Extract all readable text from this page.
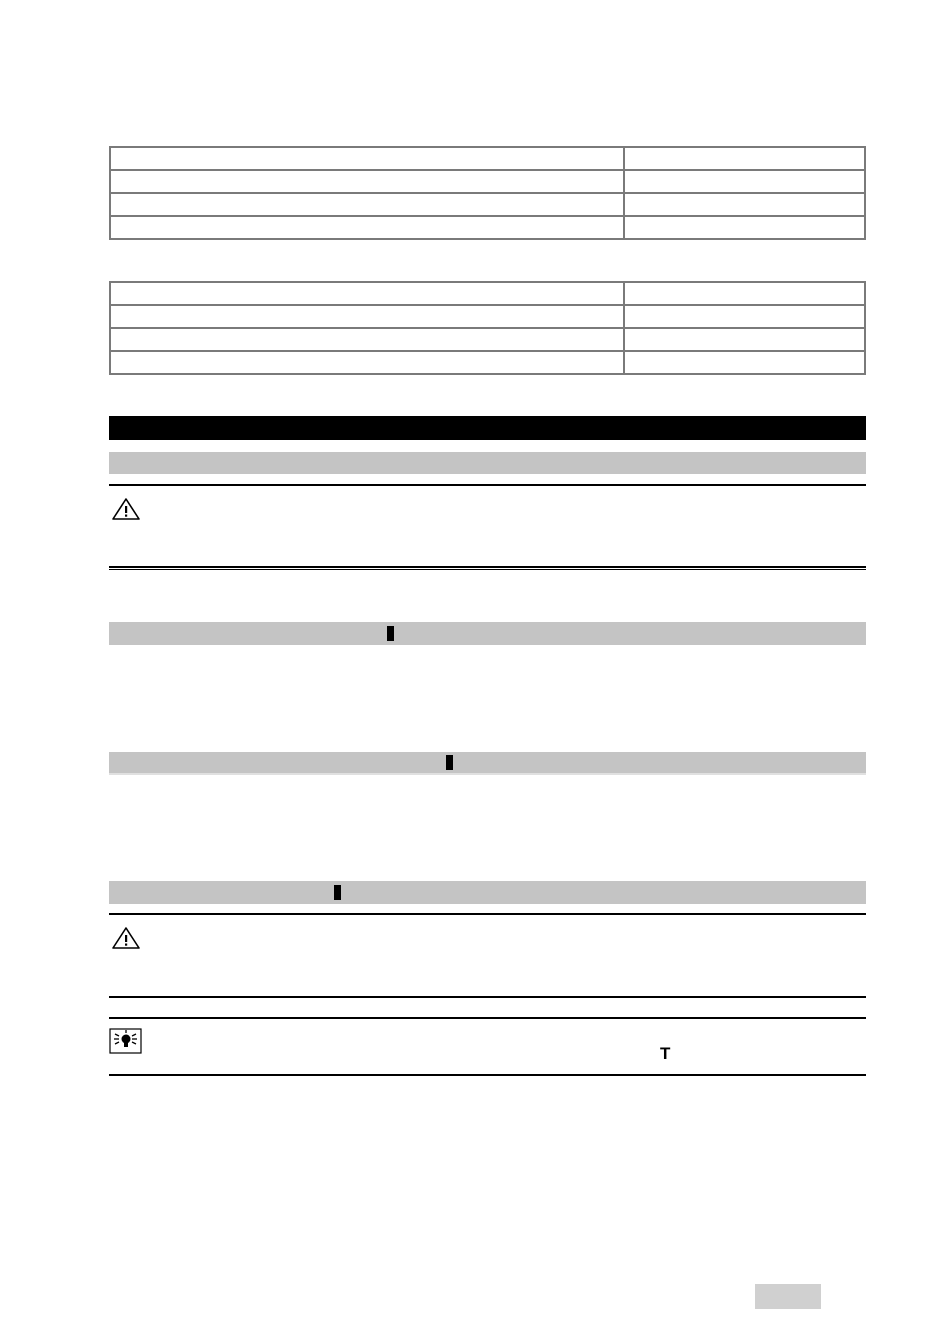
T
